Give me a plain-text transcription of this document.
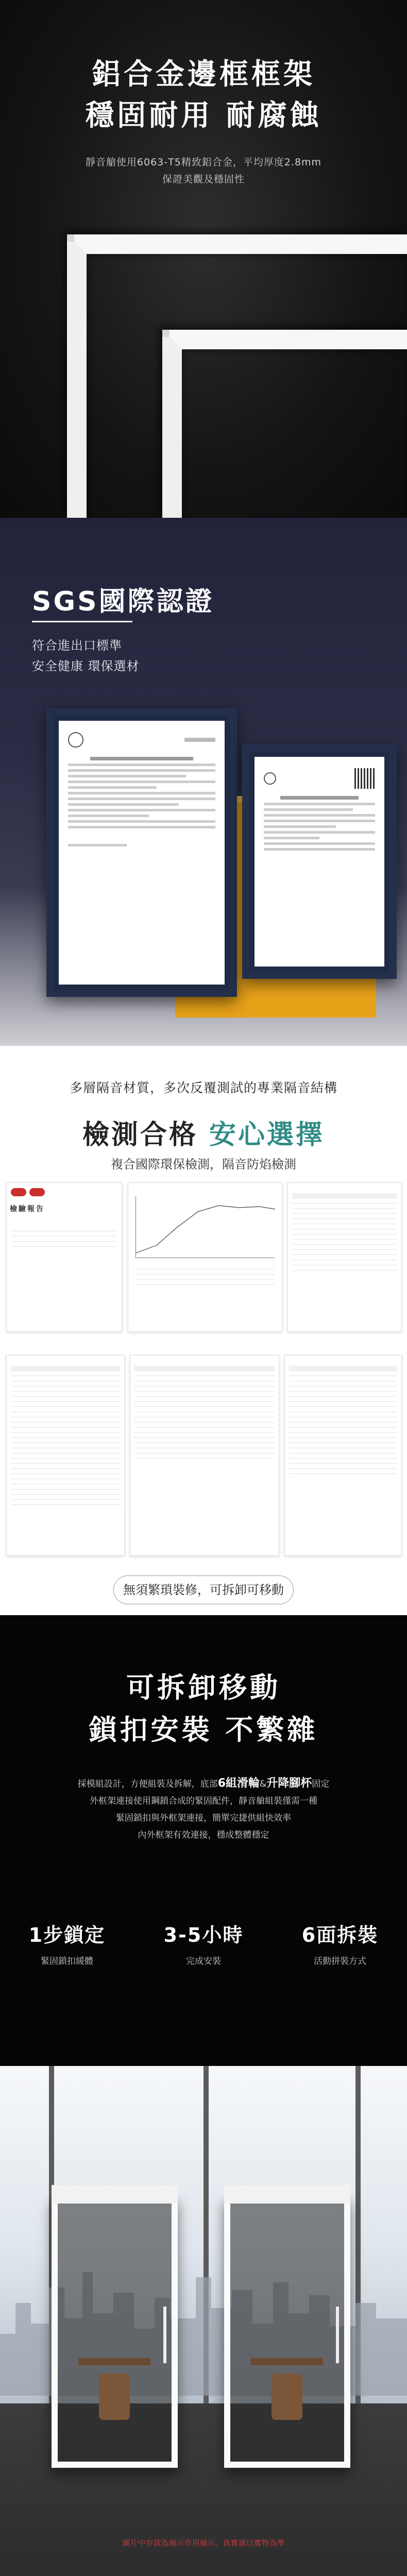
鋁合金邊框框架
穩固耐用 耐腐蝕
靜音艙使用6063-T5精致鋁合金，平均厚度2.8mm
保證美觀及穩固性
SGS國際認證
符合進出口標準
安全健康 環保選材
多層隔音材質，多次反覆測試的專業隔音結構
檢測合格 安心選擇
複合國際環保檢測，隔音防焰檢測
檢驗報告
無須繁瑣裝修，可拆卸可移動
可拆卸移動
鎖扣安裝 不繁雜
採模組設計，方便組裝及拆解，底部6組滑輪&升降腳杯固定
外框架連接使用鋼鎖合成的緊固配件，靜音艙組裝僅需一種
緊固鎖扣與外框架連接，簡單完捷供組快效率
內外框架有效連接，穩成整體穩定
1步鎖定
緊固鎖扣緩體
3-5小時
完成安裝
6面拆裝
活動拼裝方式
圖片中存款為展示作用展示，真實請以實物為準
